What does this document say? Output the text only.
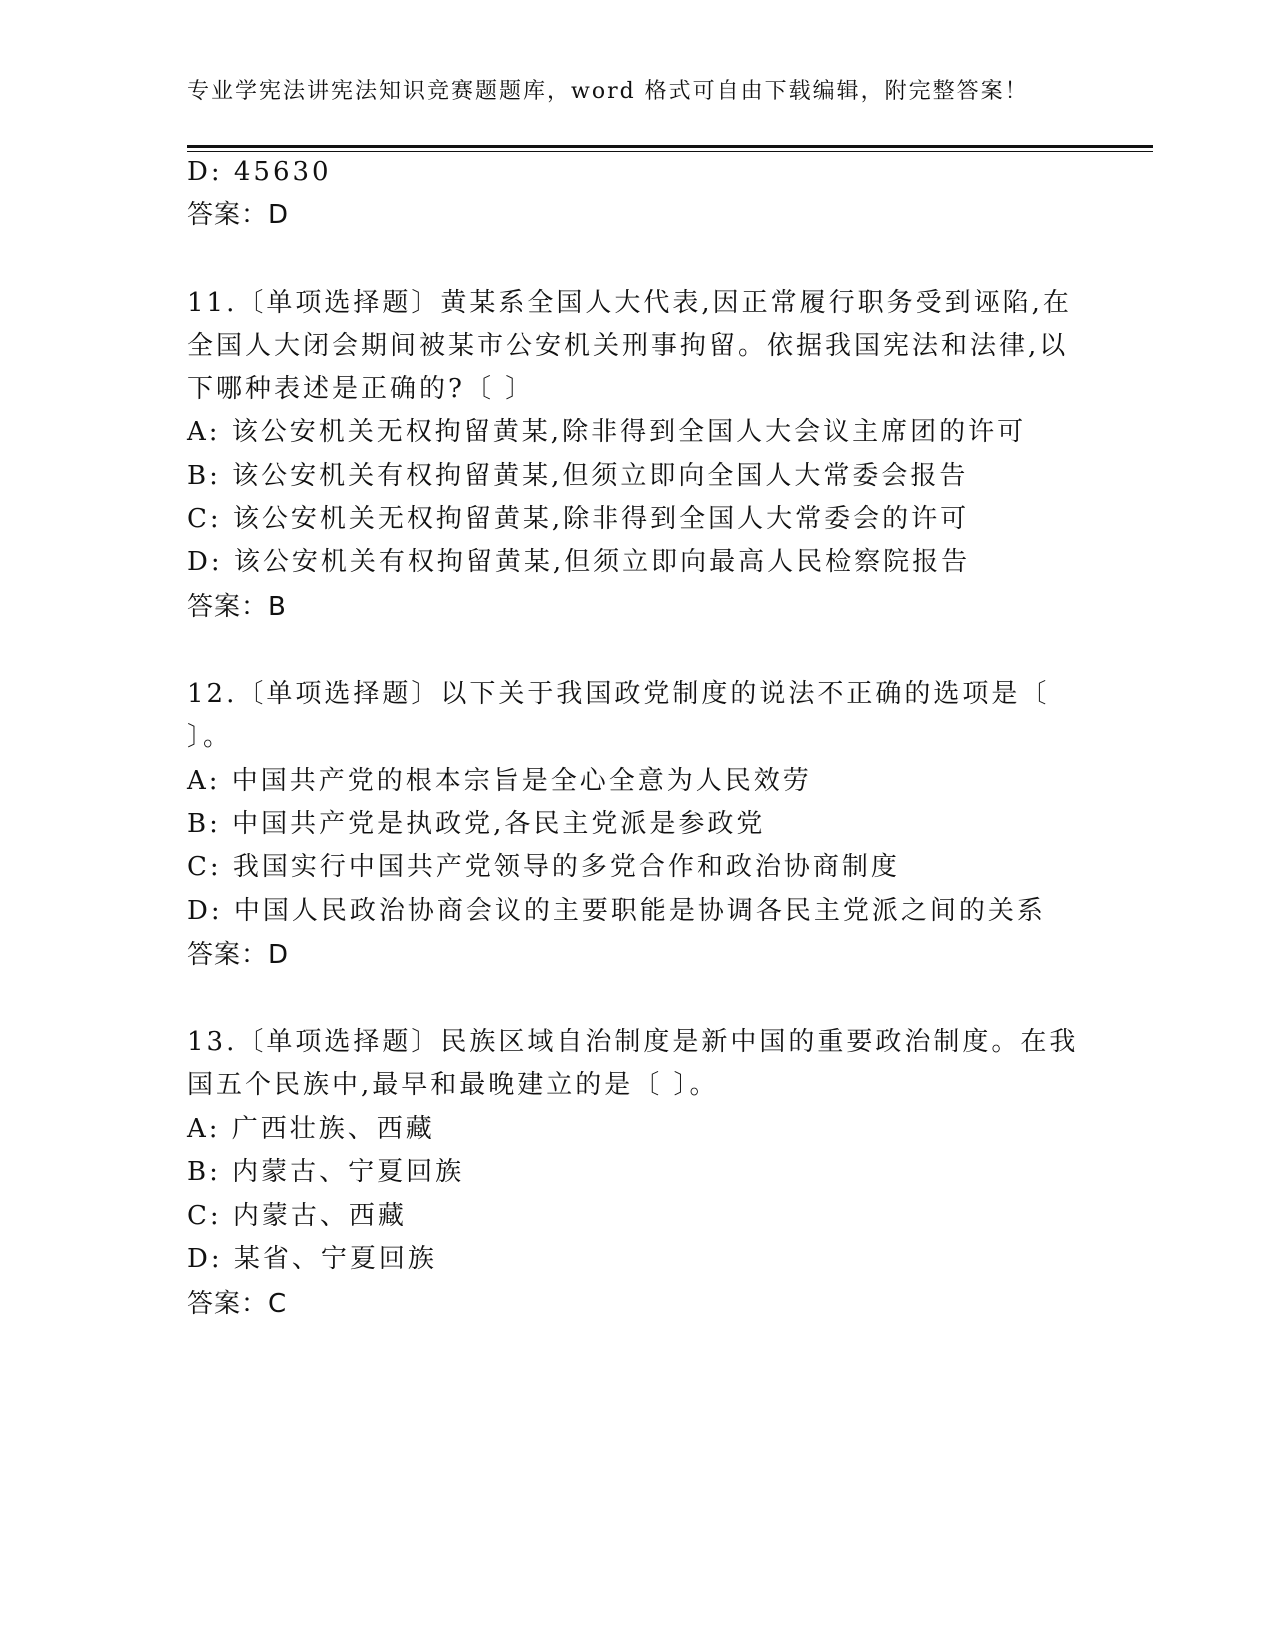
专业学宪法讲宪法知识竞赛题题库，word 格式可自由下载编辑，附完整答案！
D: 45630
答案：D
11.〔单项选择题〕黄某系全国人大代表,因正常履行职务受到诬陷,在
全国人大闭会期间被某市公安机关刑事拘留。依据我国宪法和法律,以
下哪种表述是正确的?〔 〕
A: 该公安机关无权拘留黄某,除非得到全国人大会议主席团的许可
B: 该公安机关有权拘留黄某,但须立即向全国人大常委会报告
C: 该公安机关无权拘留黄某,除非得到全国人大常委会的许可
D: 该公安机关有权拘留黄某,但须立即向最高人民检察院报告
答案：B
12.〔单项选择题〕以下关于我国政党制度的说法不正确的选项是〔
〕。
A: 中国共产党的根本宗旨是全心全意为人民效劳
B: 中国共产党是执政党,各民主党派是参政党
C: 我国实行中国共产党领导的多党合作和政治协商制度
D: 中国人民政治协商会议的主要职能是协调各民主党派之间的关系
答案：D
13.〔单项选择题〕民族区域自治制度是新中国的重要政治制度。在我
国五个民族中,最早和最晚建立的是〔 〕。
A: 广西壮族、西藏
B: 内蒙古、宁夏回族
C: 内蒙古、西藏
D: 某省、宁夏回族
答案：C
